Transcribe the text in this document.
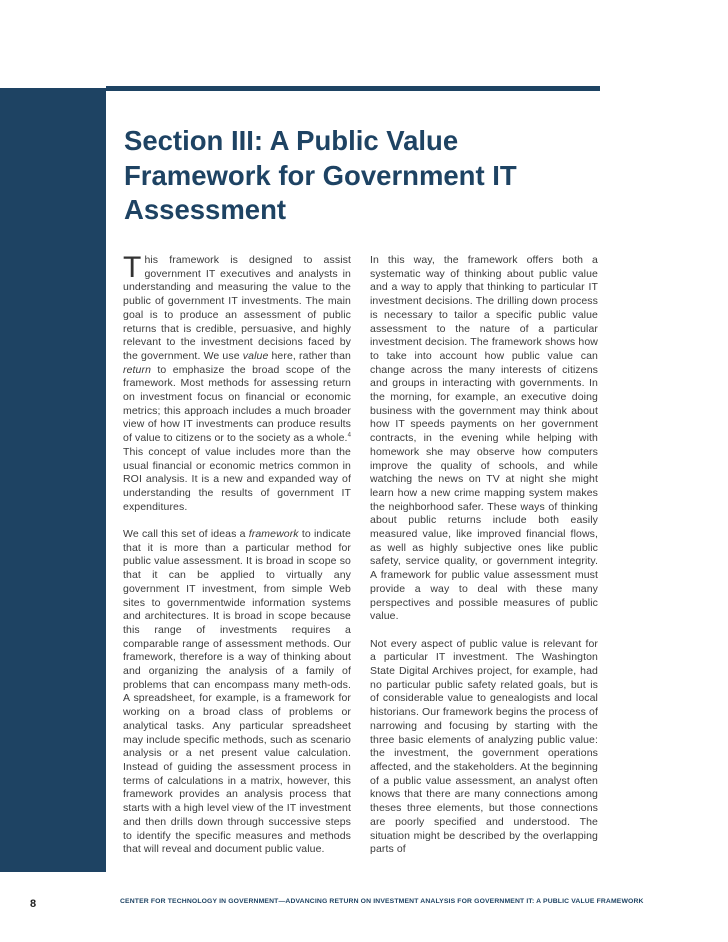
Section III: A Public Value Framework for Government IT Assessment

This framework is designed to assist government IT executives and analysts in understanding and measuring the value to the public of government IT investments. The main goal is to produce an assessment of public returns that is credible, persuasive, and highly relevant to the investment decisions faced by the government. We use value here, rather than return to emphasize the broad scope of the framework. Most methods for assessing return on investment focus on financial or economic metrics; this approach includes a much broader view of how IT investments can produce results of value to citizens or to the society as a whole.$^4$ This concept of value includes more than the usual financial or economic metrics common in ROI analysis. It is a new and expanded way of understanding the results of government IT expenditures.

We call this set of ideas a framework to indicate that it is more than a particular method for public value assessment. It is broad in scope so that it can be applied to virtually any government IT investment, from simple Web sites to governmentwide information systems and architectures. It is broad in scope because this range of investments requires a comparable range of assessment methods. Our framework, therefore is a way of thinking about and organizing the analysis of a family of problems that can encompass many meth-ods. A spreadsheet, for example, is a framework for working on a broad class of problems or analytical tasks. Any particular spreadsheet may include specific methods, such as scenario analysis or a net present value calculation. Instead of guiding the assessment process in terms of calculations in a matrix, however, this framework provides an analysis process that starts with a high level view of the IT investment and then drills down through successive steps to identify the specific measures and methods that will reveal and document public value.

In this way, the framework offers both a systematic way of thinking about public value and a way to apply that thinking to particular IT investment decisions. The drilling down process is necessary to tailor a specific public value assessment to the nature of a particular investment decision. The framework shows how to take into account how public value can change across the many interests of citizens and groups in interacting with governments. In the morning, for example, an executive doing business with the government may think about how IT speeds payments on her government contracts, in the evening while helping with homework she may observe how computers improve the quality of schools, and while watching the news on TV at night she might learn how a new crime mapping system makes the neighborhood safer. These ways of thinking about public returns include both easily measured value, like improved financial flows, as well as highly subjective ones like public safety, service quality, or government integrity. A framework for public value assessment must provide a way to deal with these many perspectives and possible measures of public value.

Not every aspect of public value is relevant for a particular IT investment. The Washington State Digital Archives project, for example, had no particular public safety related goals, but is of considerable value to genealogists and local historians. Our framework begins the process of narrowing and focusing by starting with the three basic elements of analyzing public value: the investment, the government operations affected, and the stakeholders. At the beginning of a public value assessment, an analyst often knows that there are many connections among theses three elements, but those connections are poorly specified and understood. The situation might be described by the overlapping parts of

8	CENTER FOR TECHNOLOGY IN GOVERNMENT—ADVANCING RETURN ON INVESTMENT ANALYSIS FOR GOVERNMENT IT: A PUBLIC VALUE FRAMEWORK
